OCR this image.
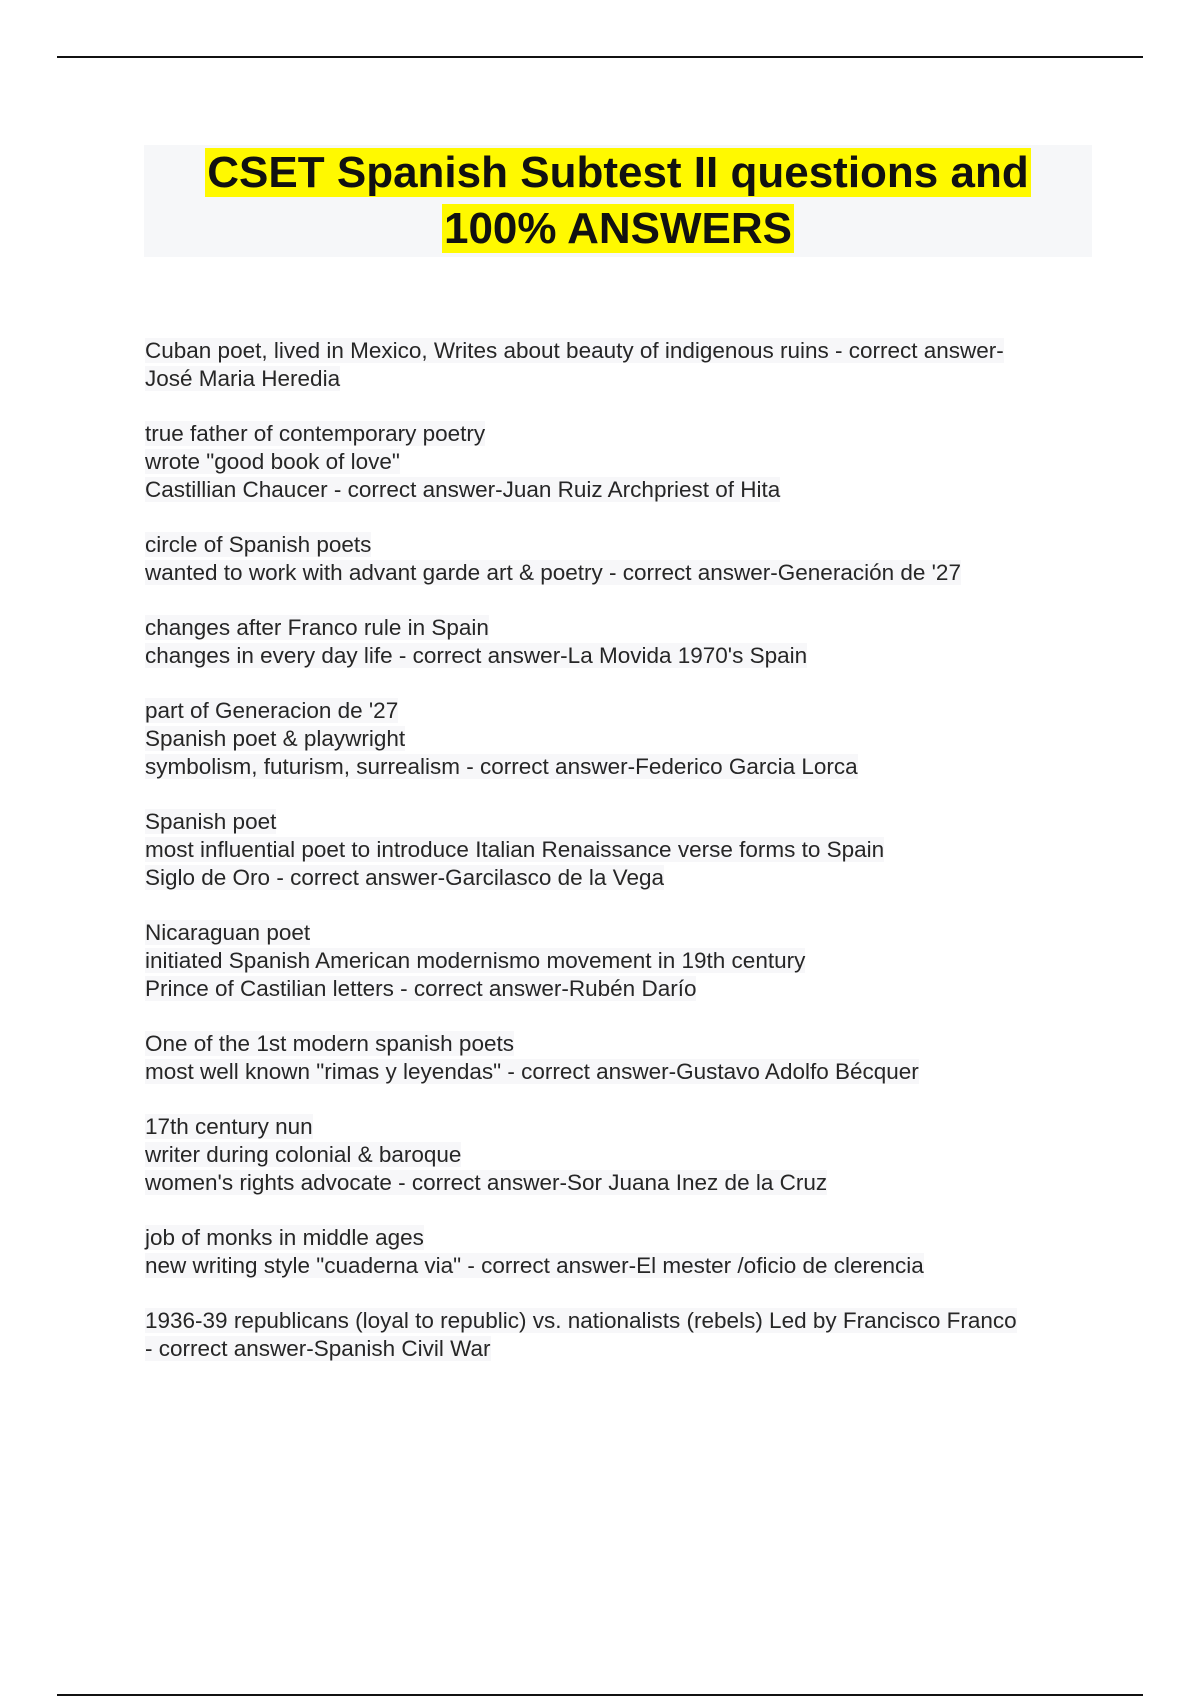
CSET Spanish Subtest II questions and
100% ANSWERS
Cuban poet, lived in Mexico, Writes about beauty of indigenous ruins - correct answer-
José Maria Heredia
true father of contemporary poetry
wrote "good book of love"
Castillian Chaucer - correct answer-Juan Ruiz Archpriest of Hita
circle of Spanish poets
wanted to work with advant garde art & poetry - correct answer-Generación de '27
changes after Franco rule in Spain
changes in every day life - correct answer-La Movida 1970's Spain
part of Generacion de '27
Spanish poet & playwright
symbolism, futurism, surrealism - correct answer-Federico Garcia Lorca
Spanish poet
most influential poet to introduce Italian Renaissance verse forms to Spain
Siglo de Oro - correct answer-Garcilasco de la Vega
Nicaraguan poet
initiated Spanish American modernismo movement in 19th century
Prince of Castilian letters - correct answer-Rubén Darío
One of the 1st modern spanish poets
most well known "rimas y leyendas" - correct answer-Gustavo Adolfo Bécquer
17th century nun
writer during colonial & baroque
women's rights advocate - correct answer-Sor Juana Inez de la Cruz
job of monks in middle ages
new writing style "cuaderna via" - correct answer-El mester /oficio de clerencia
1936-39 republicans (loyal to republic) vs. nationalists (rebels) Led by Francisco Franco
- correct answer-Spanish Civil War
